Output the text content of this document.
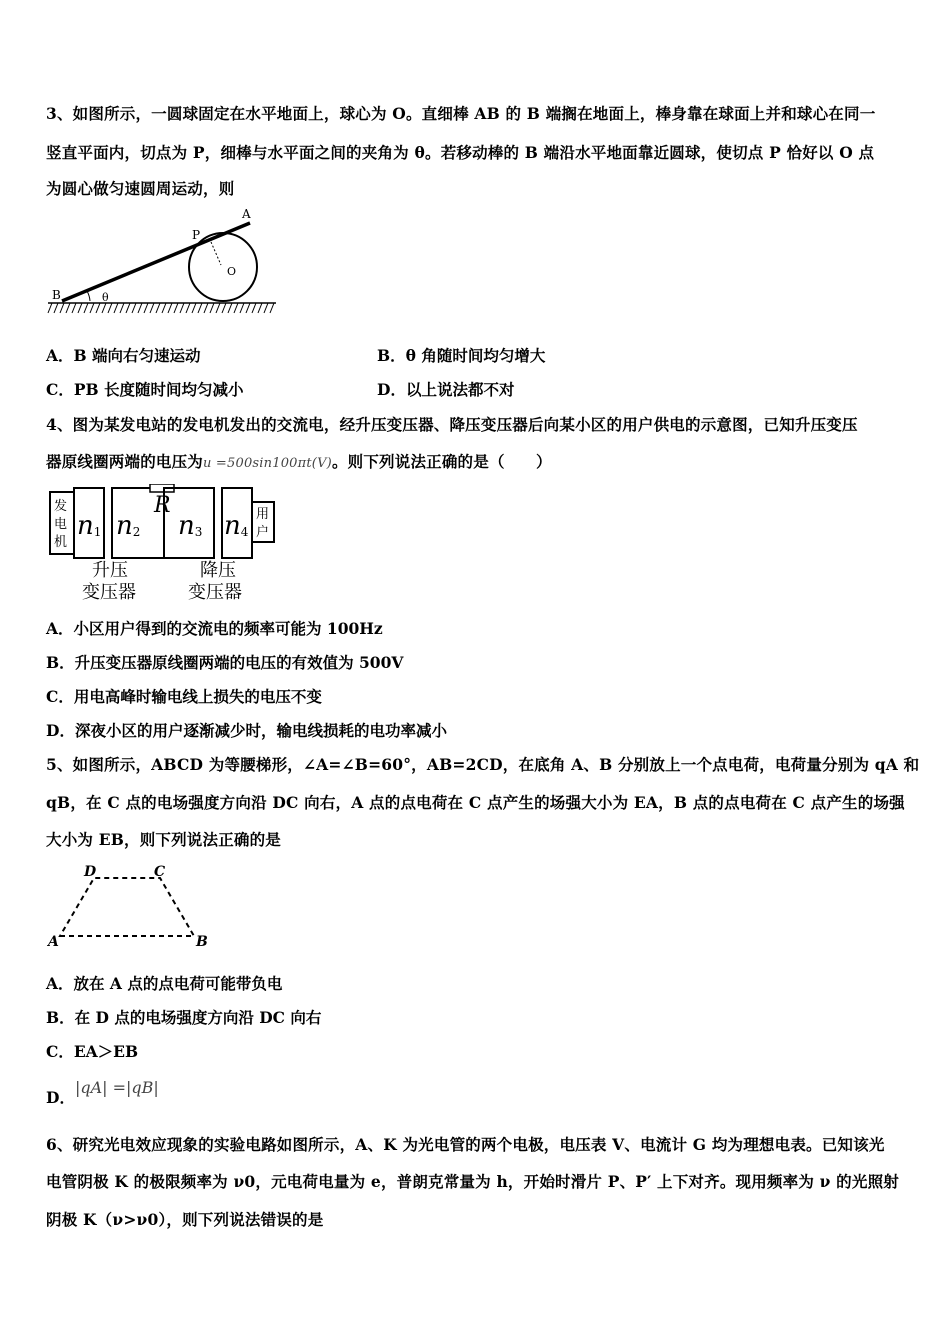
3、如图所示，一圆球固定在水平地面上，球心为 O。直细棒 AB 的 B 端搁在地面上，棒身靠在球面上并和球心在同一
竖直平面内，切点为 P，细棒与水平面之间的夹角为 θ。若移动棒的 B 端沿水平地面靠近圆球，使切点 P 恰好以 O 点
为圆心做匀速圆周运动，则
A
P
O
B	θ
A．B 端向右匀速运动	B．θ 角随时间均匀增大
C．PB 长度随时间均匀减小	D．以上说法都不对
4、图为某发电站的发电机发出的交流电，经升压变压器、降压变压器后向某小区的用户供电的示意图，已知升压变压
器原线圈两端的电压为u =500sin100πt(V)。则下列说法正确的是（　　）
发 电 机
n1 n2
R
n3 n4
用 户
升压
变压器
降压
变压器
A．小区用户得到的交流电的频率可能为 100Hz
B．升压变压器原线圈两端的电压的有效值为 500V
C．用电高峰时输电线上损失的电压不变
D．深夜小区的用户逐渐减少时，输电线损耗的电功率减小
5、如图所示，ABCD 为等腰梯形，∠A=∠B=60°，AB=2CD，在底角 A、B 分别放上一个点电荷，电荷量分别为 qA 和
qB，在 C 点的电场强度方向沿 DC 向右，A 点的点电荷在 C 点产生的场强大小为 EA，B 点的点电荷在 C 点产生的场强
大小为 EB，则下列说法正确的是
D	C
A	B
A．放在 A 点的点电荷可能带负电
B．在 D 点的电场强度方向沿 DC 向右
C．EA＞EB
D．|qA| =|qB|
6、研究光电效应现象的实验电路如图所示，A、K 为光电管的两个电极，电压表 V、电流计 G 均为理想电表。已知该光
电管阴极 K 的极限频率为 ν0，元电荷电量为 e，普朗克常量为 h，开始时滑片 P、P′ 上下对齐。现用频率为 ν 的光照射
阴极 K（ν>ν0），则下列说法错误的是
